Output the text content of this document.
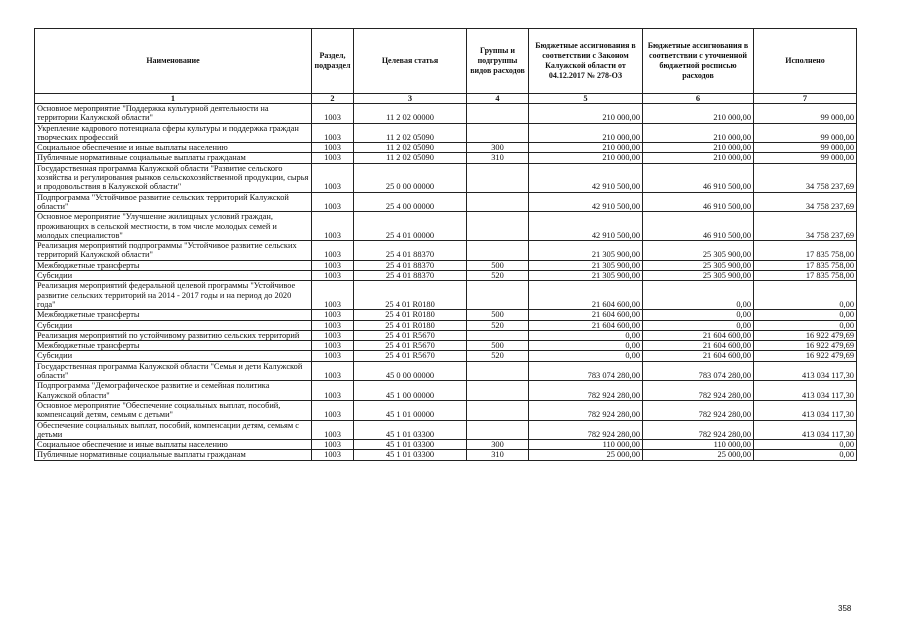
Наименование	Раздел, подраздел	Целевая статья	Группы и подгруппы видов расходов	Бюджетные ассигнования в соответствии с Законом Калужской области от 04.12.2017 № 278-ОЗ	Бюджетные ассигнования в соответствии с уточненной бюджетной росписью расходов	Исполнено
1	2	3	4	5	6	7
Основное мероприятие "Поддержка культурной деятельности на территории Калужской области"	1003	11 2 02 00000		210 000,00	210 000,00	99 000,00
Укрепление кадрового потенциала сферы культуры и поддержка граждан творческих профессий	1003	11 2 02 05090		210 000,00	210 000,00	99 000,00
Социальное обеспечение и иные выплаты населению	1003	11 2 02 05090	300	210 000,00	210 000,00	99 000,00
Публичные нормативные социальные выплаты гражданам	1003	11 2 02 05090	310	210 000,00	210 000,00	99 000,00
Государственная программа Калужской области "Развитие сельского хозяйства и регулирования рынков сельскохозяйственной продукции, сырья и продовольствия в Калужской области"	1003	25 0 00 00000		42 910 500,00	46 910 500,00	34 758 237,69
Подпрограмма "Устойчивое развитие сельских территорий Калужской области"	1003	25 4 00 00000		42 910 500,00	46 910 500,00	34 758 237,69
Основное мероприятие "Улучшение жилищных условий граждан, проживающих в сельской местности, в том числе молодых семей и молодых специалистов"	1003	25 4 01 00000		42 910 500,00	46 910 500,00	34 758 237,69
Реализация мероприятий подпрограммы "Устойчивое развитие сельских территорий Калужской области"	1003	25 4 01 88370		21 305 900,00	25 305 900,00	17 835 758,00
Межбюджетные трансферты	1003	25 4 01 88370	500	21 305 900,00	25 305 900,00	17 835 758,00
Субсидии	1003	25 4 01 88370	520	21 305 900,00	25 305 900,00	17 835 758,00
Реализация мероприятий федеральной целевой программы "Устойчивое развитие сельских территорий на 2014 - 2017 годы и на период до 2020 года"	1003	25 4 01 R0180		21 604 600,00	0,00	0,00
Межбюджетные трансферты	1003	25 4 01 R0180	500	21 604 600,00	0,00	0,00
Субсидии	1003	25 4 01 R0180	520	21 604 600,00	0,00	0,00
Реализация мероприятий по устойчивому развитию сельских территорий	1003	25 4 01 R5670		0,00	21 604 600,00	16 922 479,69
Межбюджетные трансферты	1003	25 4 01 R5670	500	0,00	21 604 600,00	16 922 479,69
Субсидии	1003	25 4 01 R5670	520	0,00	21 604 600,00	16 922 479,69
Государственная программа Калужской области "Семья и дети Калужской области"	1003	45 0 00 00000		783 074 280,00	783 074 280,00	413 034 117,30
Подпрограмма "Демографическое развитие и семейная политика Калужской области"	1003	45 1 00 00000		782 924 280,00	782 924 280,00	413 034 117,30
Основное мероприятие "Обеспечение социальных выплат, пособий, компенсаций детям, семьям с детьми"	1003	45 1 01 00000		782 924 280,00	782 924 280,00	413 034 117,30
Обеспечение социальных выплат, пособий, компенсации детям, семьям с детьми	1003	45 1 01 03300		782 924 280,00	782 924 280,00	413 034 117,30
Социальное обеспечение и иные выплаты населению	1003	45 1 01 03300	300	110 000,00	110 000,00	0,00
Публичные нормативные социальные выплаты гражданам	1003	45 1 01 03300	310	25 000,00	25 000,00	0,00
358
